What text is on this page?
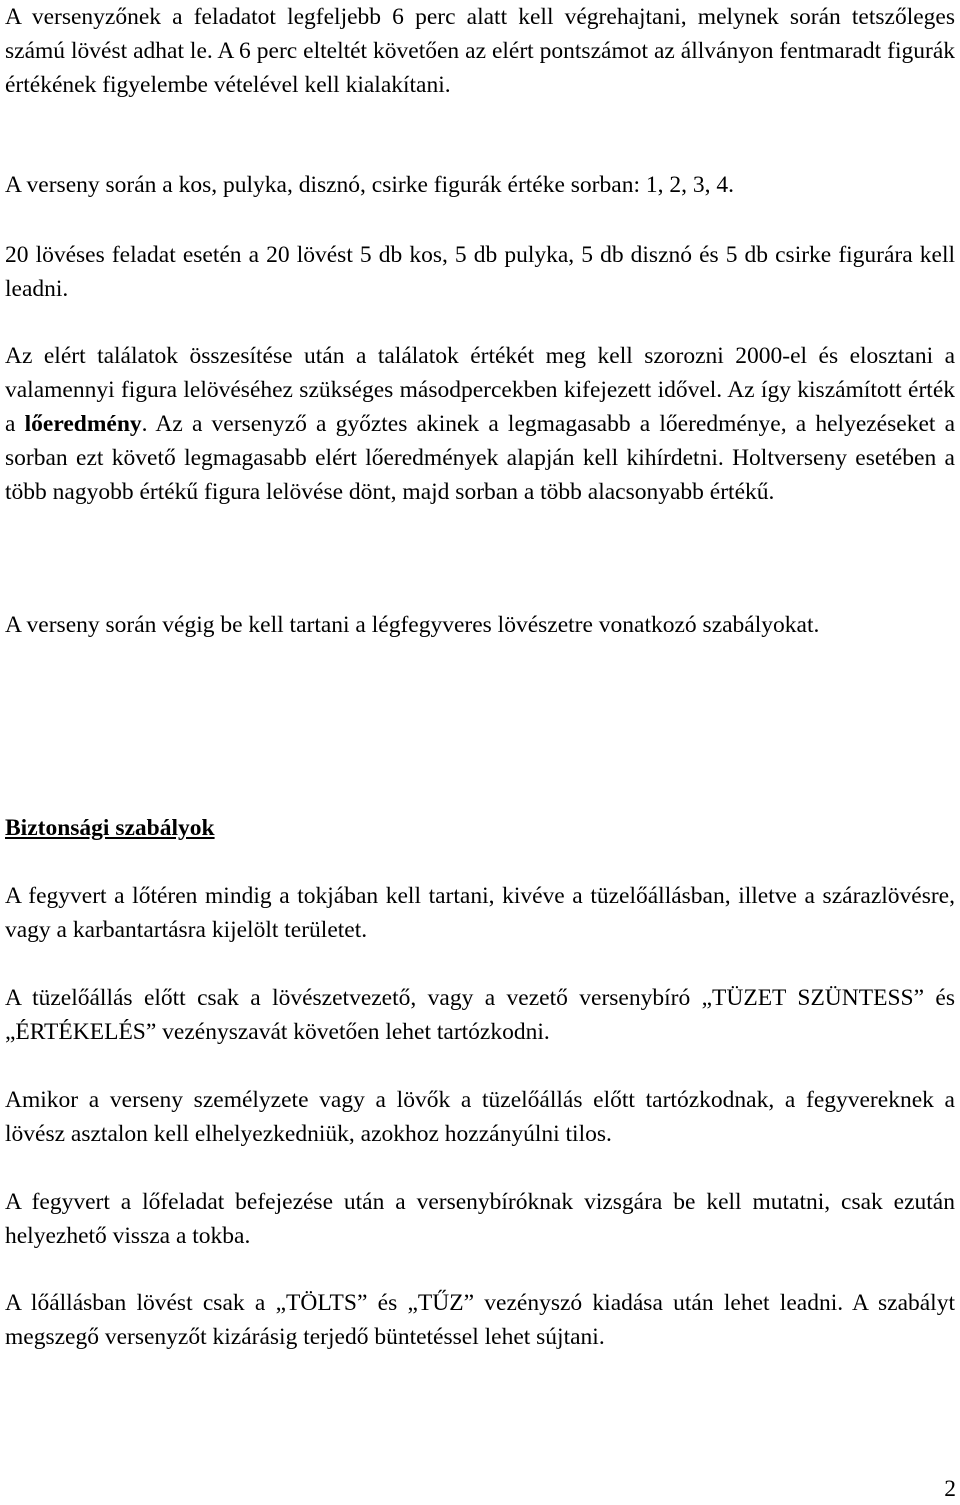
A versenyzőnek a feladatot legfeljebb 6 perc alatt kell végrehajtani, melynek során tetszőleges számú lövést adhat le. A 6 perc elteltét követően az elért pontszámot az állványon fentmaradt figurák értékének figyelembe vételével kell kialakítani.

A verseny során a kos, pulyka, disznó, csirke figurák értéke sorban: 1, 2, 3, 4.

20 lövéses feladat esetén a 20 lövést 5 db kos, 5 db pulyka, 5 db disznó és 5 db csirke figurára kell leadni.

Az elért találatok összesítése után a találatok értékét meg kell szorozni 2000-el és elosztani a valamennyi figura lelövéséhez szükséges másodpercekben kifejezett idővel. Az így kiszámított érték a lőeredmény. Az a versenyző a győztes akinek a legmagasabb a lőeredménye, a helyezéseket a sorban ezt követő legmagasabb elért lőeredmények alapján kell kihírdetni. Holtverseny esetében a több nagyobb értékű figura lelövése dönt, majd sorban a több alacsonyabb értékű.

A verseny során végig be kell tartani a légfegyveres lövészetre vonatkozó szabályokat.

Biztonsági szabályok

A fegyvert a lőtéren mindig a tokjában kell tartani, kivéve a tüzelőállásban, illetve a szárazlövésre, vagy a karbantartásra kijelölt területet.

A tüzelőállás előtt csak a lövészetvezető, vagy a vezető versenybíró „TÜZET SZÜNTESS” és „ÉRTÉKELÉS” vezényszavát követően lehet tartózkodni.

Amikor a verseny személyzete vagy a lövők a tüzelőállás előtt tartózkodnak, a fegyvereknek a lövész asztalon kell elhelyezkedniük, azokhoz hozzányúlni tilos.

A fegyvert a lőfeladat befejezése után a versenybíróknak vizsgára be kell mutatni, csak ezután helyezhető vissza a tokba.

A lőállásban lövést csak a „TÖLTS” és „TŰZ” vezényszó kiadása után lehet leadni. A szabályt megszegő versenyzőt kizárásig terjedő büntetéssel lehet sújtani.

2
